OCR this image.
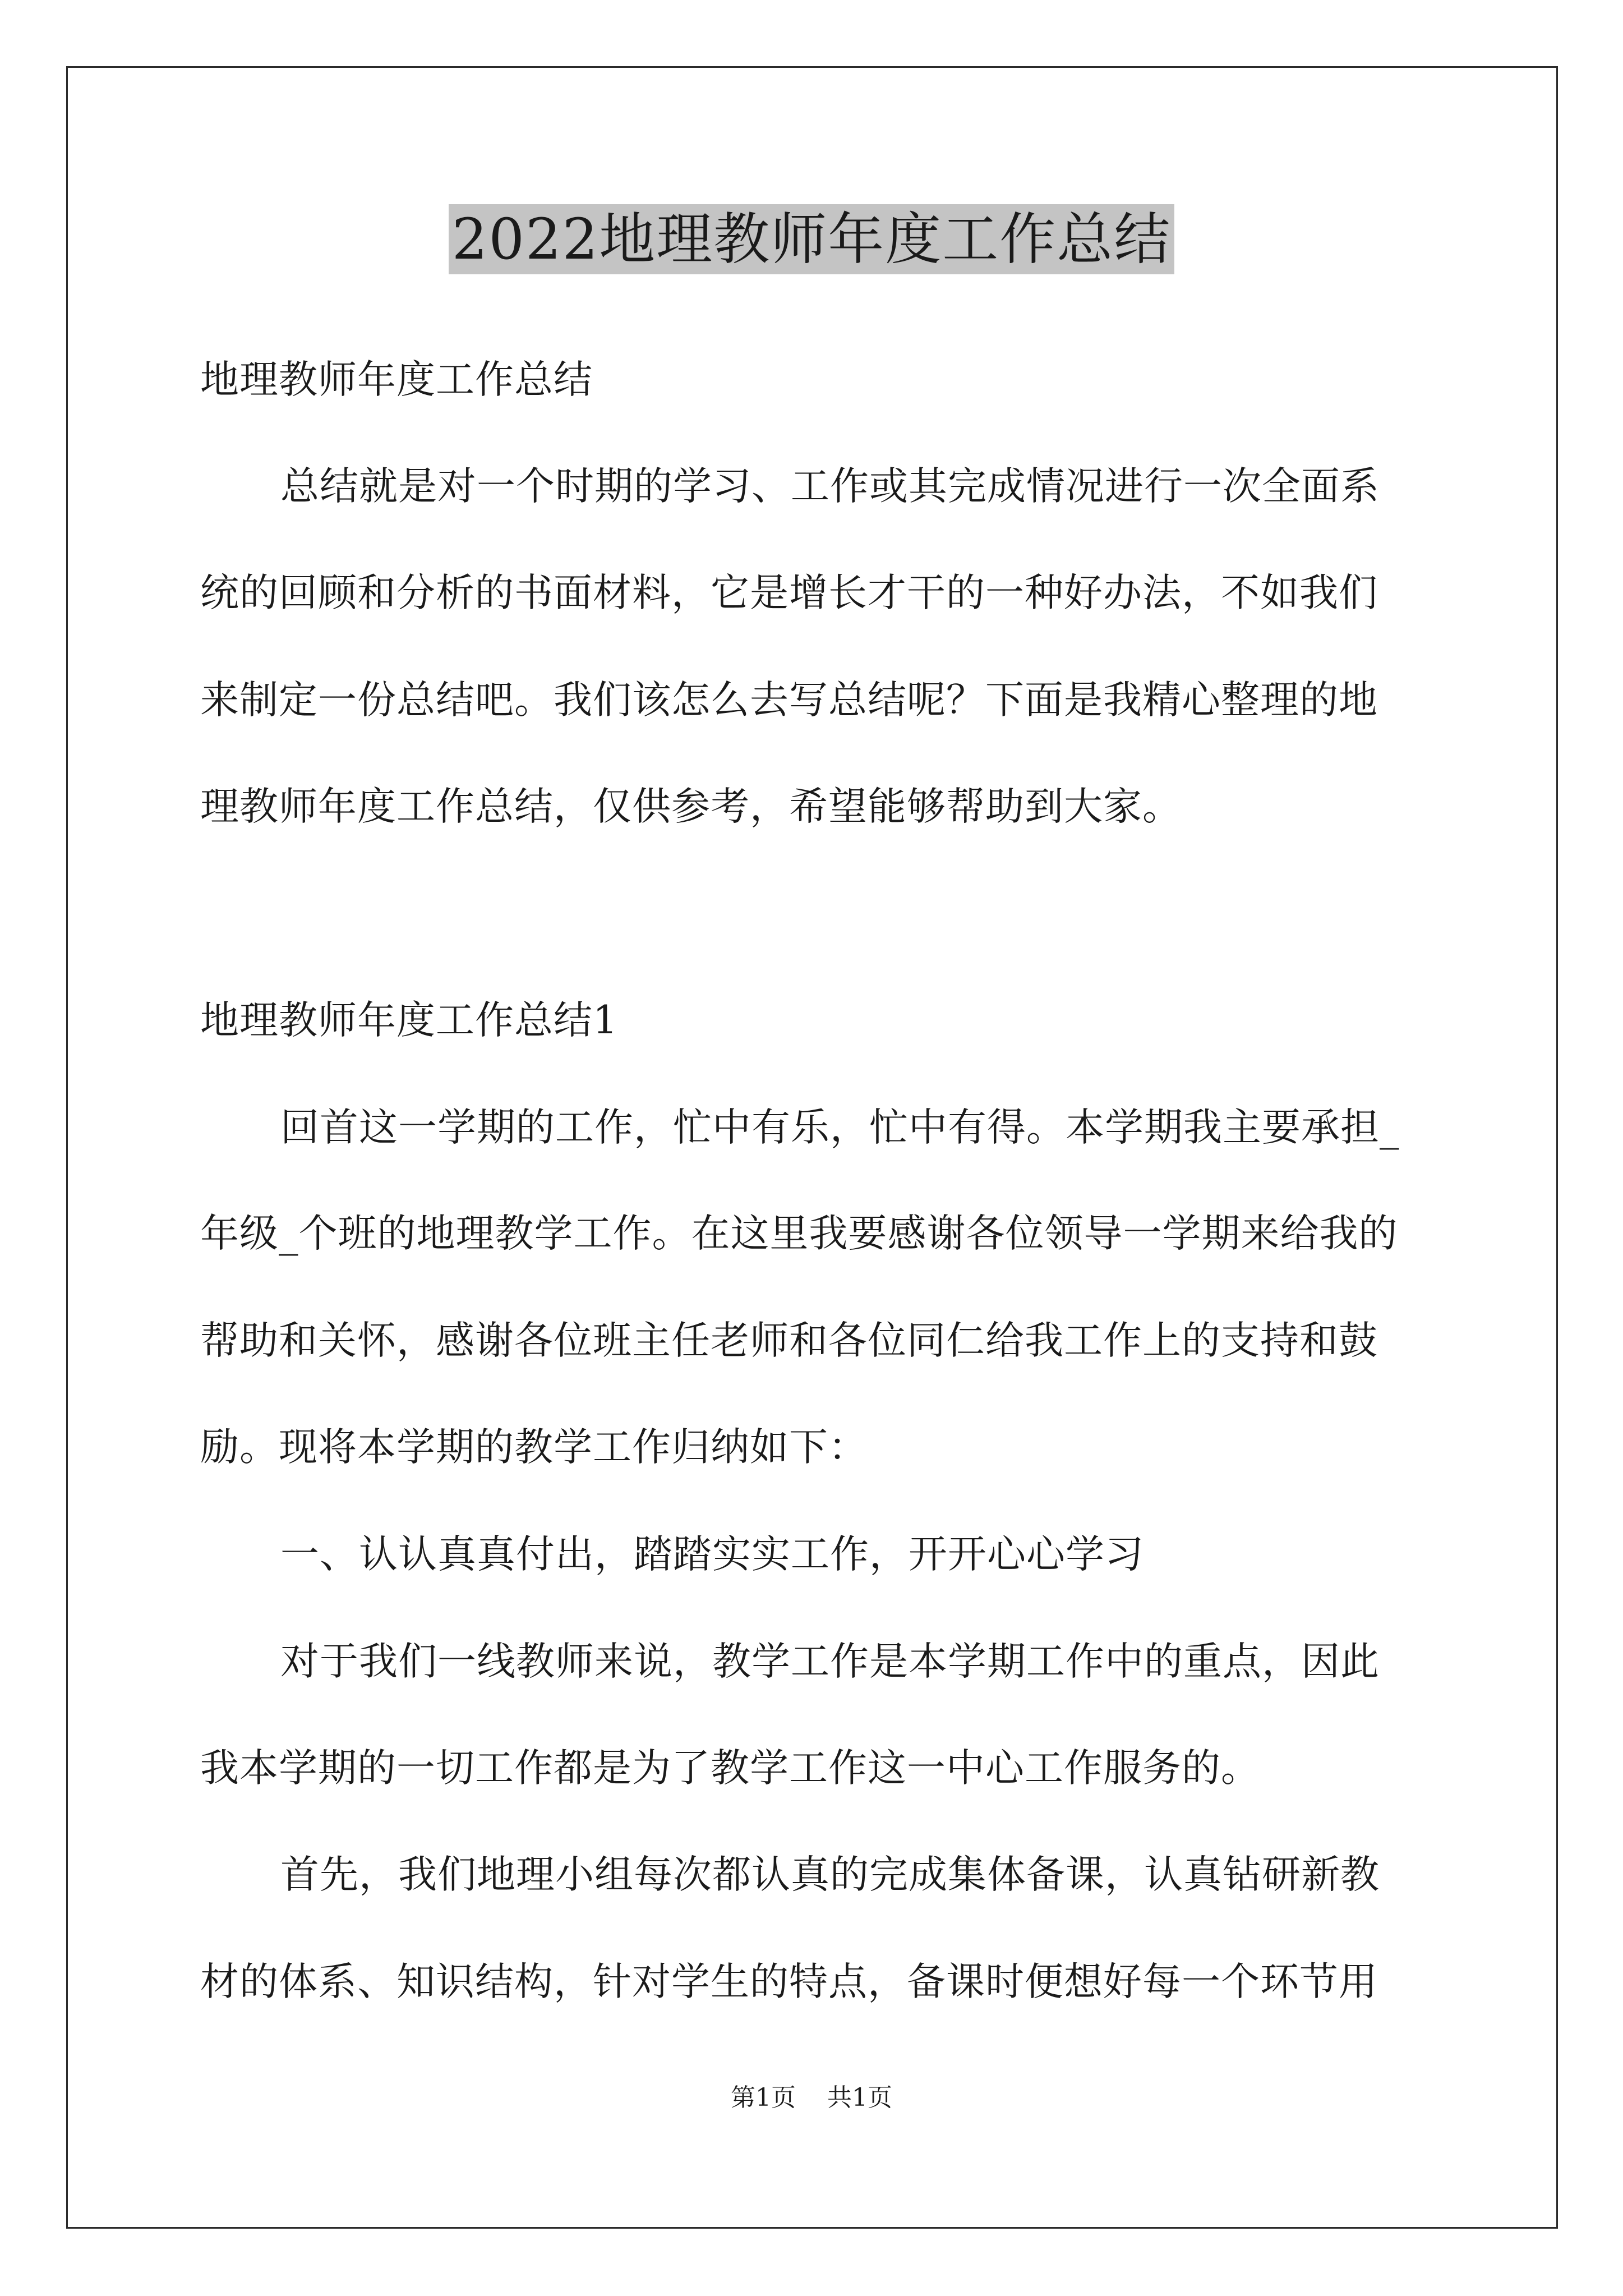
2022地理教师年度工作总结
地理教师年度工作总结
总结就是对一个时期的学习、工作或其完成情况进行一次全面系
统的回顾和分析的书面材料，它是增长才干的一种好办法，不如我们
来制定一份总结吧。我们该怎么去写总结呢？下面是我精心整理的地
理教师年度工作总结，仅供参考，希望能够帮助到大家。
地理教师年度工作总结1
回首这一学期的工作，忙中有乐，忙中有得。本学期我主要承担_
年级_个班的地理教学工作。在这里我要感谢各位领导一学期来给我的
帮助和关怀，感谢各位班主任老师和各位同仁给我工作上的支持和鼓
励。现将本学期的教学工作归纳如下：
一、认认真真付出，踏踏实实工作，开开心心学习
对于我们一线教师来说，教学工作是本学期工作中的重点，因此
我本学期的一切工作都是为了教学工作这一中心工作服务的。
首先，我们地理小组每次都认真的完成集体备课，认真钻研新教
材的体系、知识结构，针对学生的特点，备课时便想好每一个环节用
第1页 共1页
